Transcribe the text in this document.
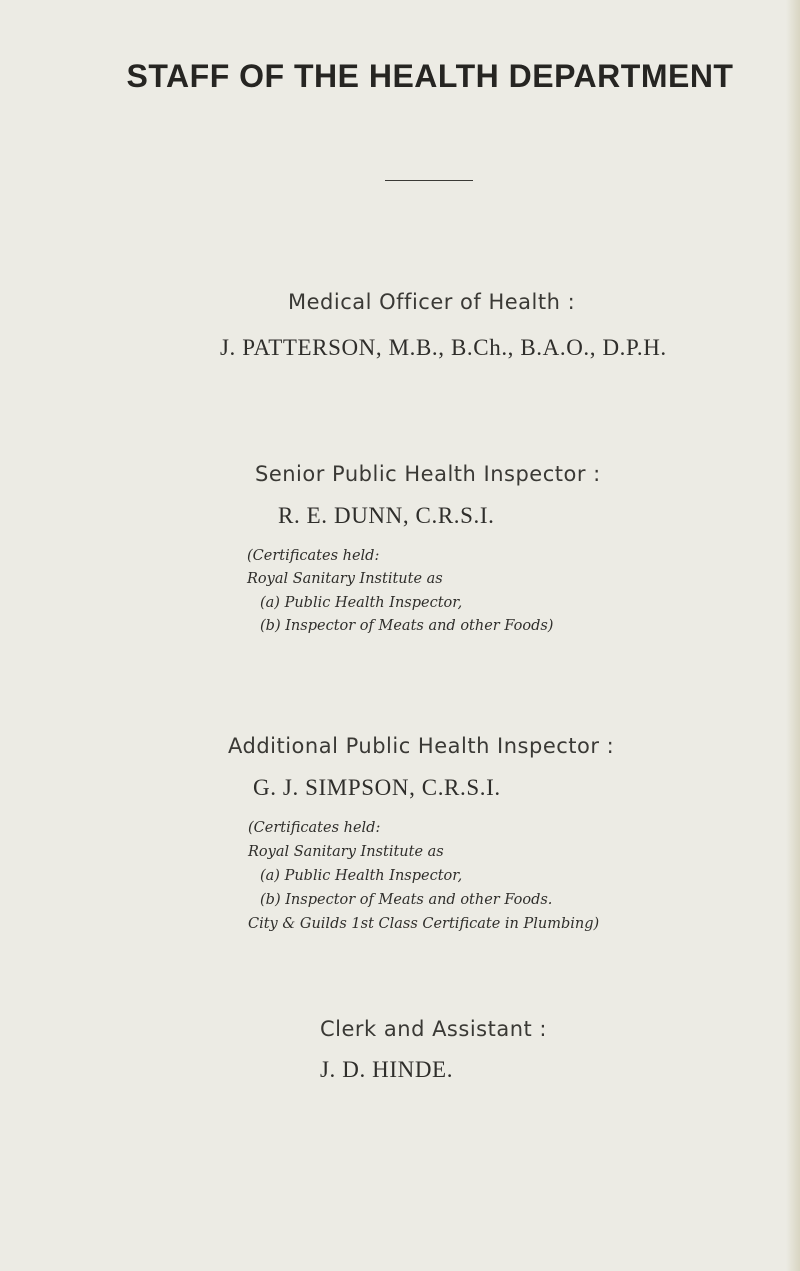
STAFF OF THE HEALTH DEPARTMENT

Medical Officer of Health :

J. PATTERSON, M.B., B.Ch., B.A.O., D.P.H.

Senior Public Health Inspector :

R. E. DUNN, C.R.S.I.

(Certificates held:

Royal Sanitary Institute as

(a) Public Health Inspector,

(b) Inspector of Meats and other Foods)

Additional Public Health Inspector :

G. J. SIMPSON, C.R.S.I.

(Certificates held:

Royal Sanitary Institute as

(a) Public Health Inspector,

(b) Inspector of Meats and other Foods.

City & Guilds 1st Class Certificate in Plumbing)

Clerk and Assistant :

J. D. HINDE.
